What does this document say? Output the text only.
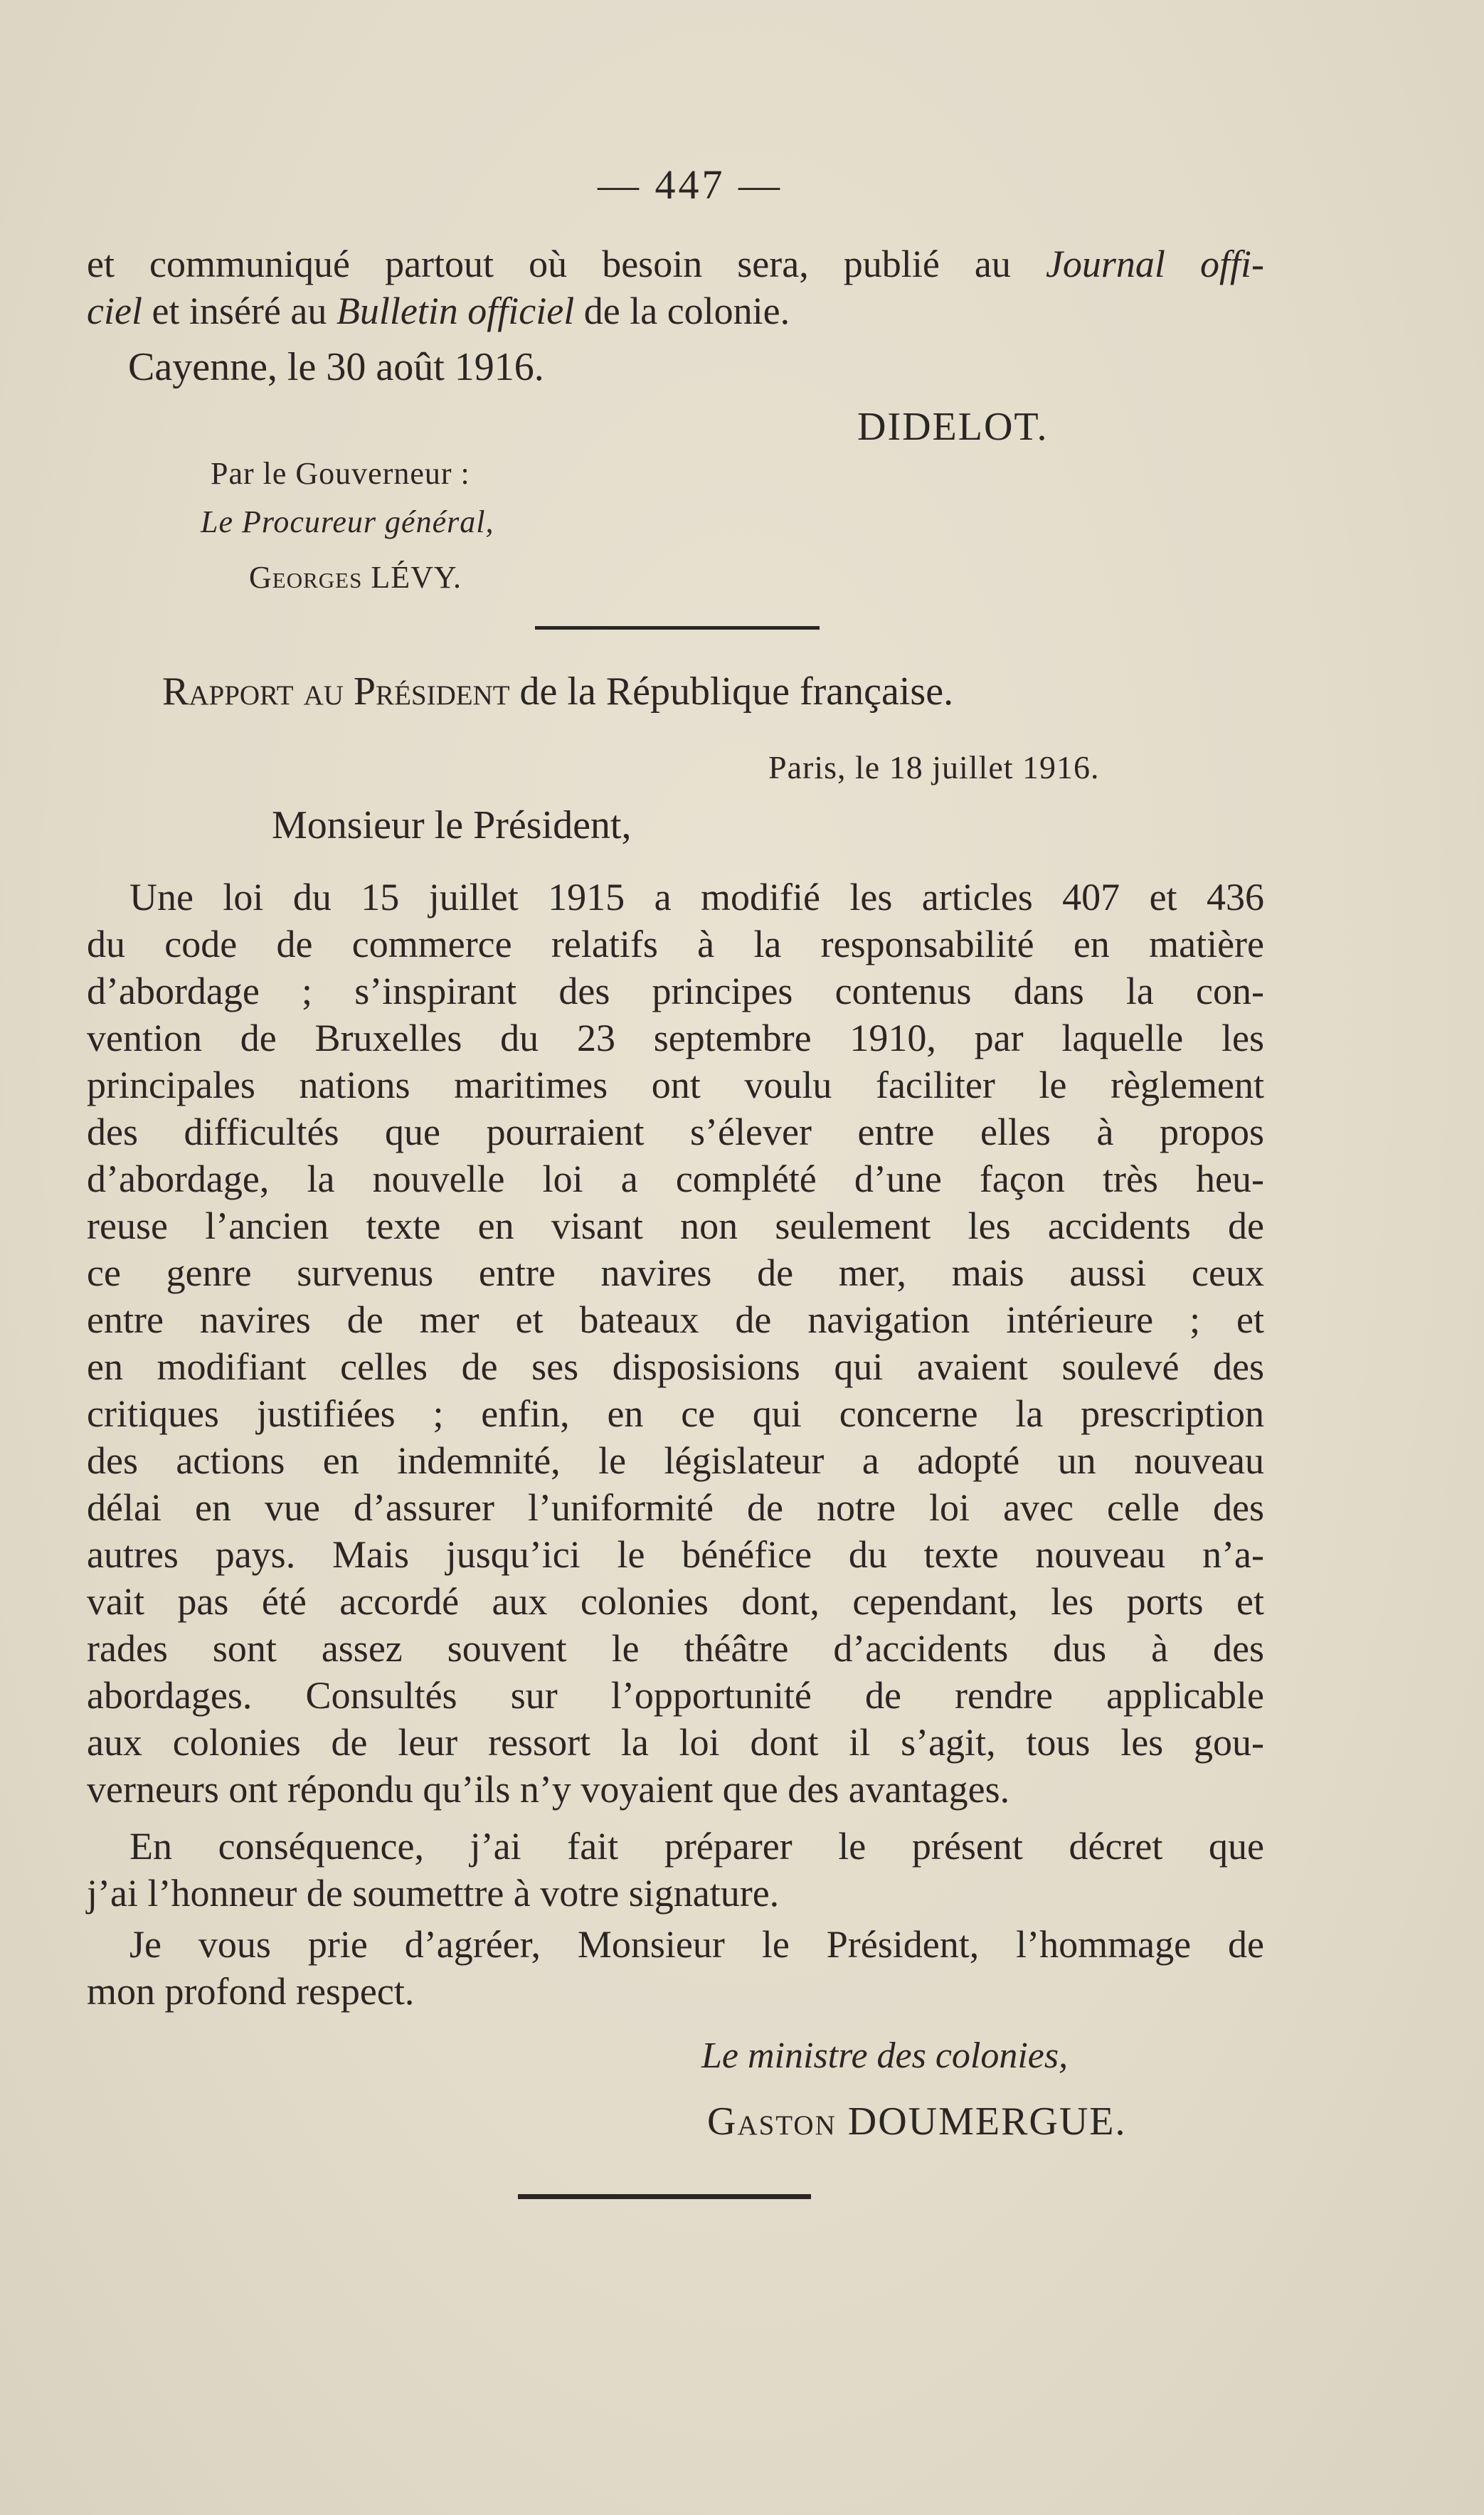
— 447 —
et communiqué partout où besoin sera, publié au Journal offi-
ciel et inséré au Bulletin officiel de la colonie.
Cayenne, le 30 août 1916.
DIDELOT.
Par le Gouverneur :
Le Procureur général,
Georges LÉVY.
Rapport au Président de la République française.
Paris, le 18 juillet 1916.
Monsieur le Président,
Une loi du 15 juillet 1915 a modifié les articles 407 et 436
du code de commerce relatifs à la responsabilité en matière
d’abordage ; s’inspirant des principes contenus dans la con-
vention de Bruxelles du 23 septembre 1910, par laquelle les
principales nations maritimes ont voulu faciliter le règlement
des difficultés que pourraient s’élever entre elles à propos
d’abordage, la nouvelle loi a complété d’une façon très heu-
reuse l’ancien texte en visant non seulement les accidents de
ce genre survenus entre navires de mer, mais aussi ceux
entre navires de mer et bateaux de navigation intérieure ; et
en modifiant celles de ses disposisions qui avaient soulevé des
critiques justifiées ; enfin, en ce qui concerne la prescription
des actions en indemnité, le législateur a adopté un nouveau
délai en vue d’assurer l’uniformité de notre loi avec celle des
autres pays. Mais jusqu’ici le bénéfice du texte nouveau n’a-
vait pas été accordé aux colonies dont, cependant, les ports et
rades sont assez souvent le théâtre d’accidents dus à des
abordages. Consultés sur l’opportunité de rendre applicable
aux colonies de leur ressort la loi dont il s’agit, tous les gou-
verneurs ont répondu qu’ils n’y voyaient que des avantages.
En conséquence, j’ai fait préparer le présent décret que
j’ai l’honneur de soumettre à votre signature.
Je vous prie d’agréer, Monsieur le Président, l’hommage de
mon profond respect.
Le ministre des colonies,
Gaston DOUMERGUE.
